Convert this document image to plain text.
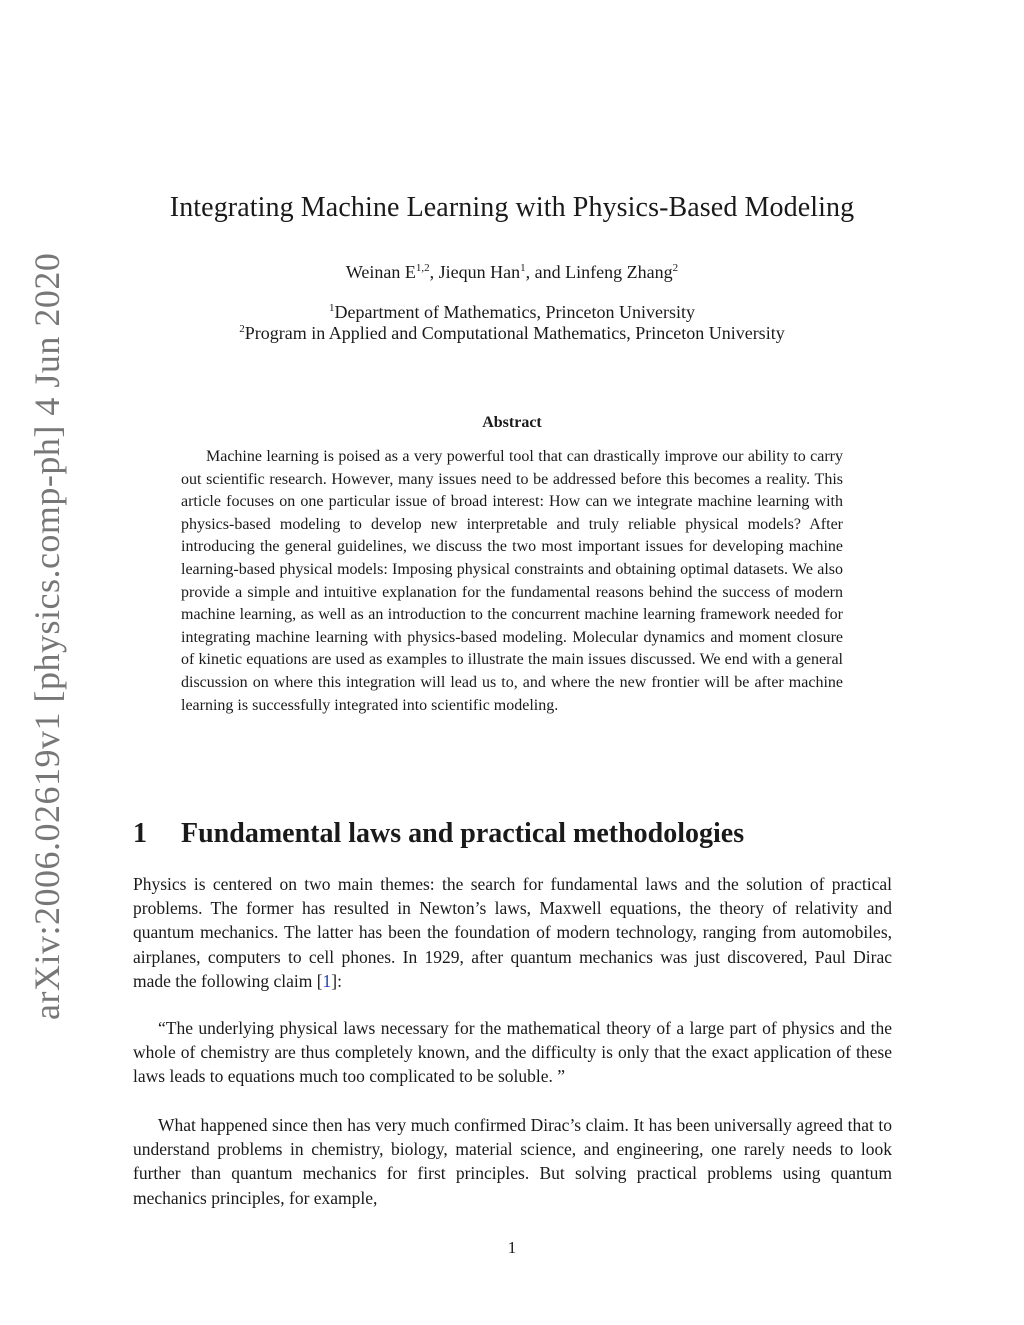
arXiv:2006.02619v1 [physics.comp-ph] 4 Jun 2020
Integrating Machine Learning with Physics-Based Modeling
Weinan E$^{1,2}$, Jiequn Han$^1$, and Linfeng Zhang$^2$
$^1$Department of Mathematics, Princeton University
$^2$Program in Applied and Computational Mathematics, Princeton University
Abstract

Machine learning is poised as a very powerful tool that can drastically improve our ability to carry out scientific research. However, many issues need to be addressed before this becomes a reality. This article focuses on one particular issue of broad interest: How can we integrate machine learning with physics-based modeling to develop new interpretable and truly reliable physical models? After introducing the general guidelines, we discuss the two most important issues for developing machine learning-based physical models: Imposing physical constraints and obtaining optimal datasets. We also provide a simple and intuitive explanation for the fundamental reasons behind the success of modern machine learning, as well as an introduction to the concurrent machine learning framework needed for integrating machine learning with physics-based modeling. Molecular dynamics and moment closure of kinetic equations are used as examples to illustrate the main issues discussed. We end with a general discussion on where this integration will lead us to, and where the new frontier will be after machine learning is successfully integrated into scientific modeling.

1 Fundamental laws and practical methodologies

Physics is centered on two main themes: the search for fundamental laws and the solution of practical problems. The former has resulted in Newton’s laws, Maxwell equations, the theory of relativity and quantum mechanics. The latter has been the foundation of modern technology, ranging from automobiles, airplanes, computers to cell phones. In 1929, after quantum mechanics was just discovered, Paul Dirac made the following claim [1]:

“The underlying physical laws necessary for the mathematical theory of a large part of physics and the whole of chemistry are thus completely known, and the difficulty is only that the exact application of these laws leads to equations much too complicated to be soluble. ”

What happened since then has very much confirmed Dirac’s claim. It has been universally agreed that to understand problems in chemistry, biology, material science, and engineering, one rarely needs to look further than quantum mechanics for first principles. But solving practical problems using quantum mechanics principles, for example,

1
